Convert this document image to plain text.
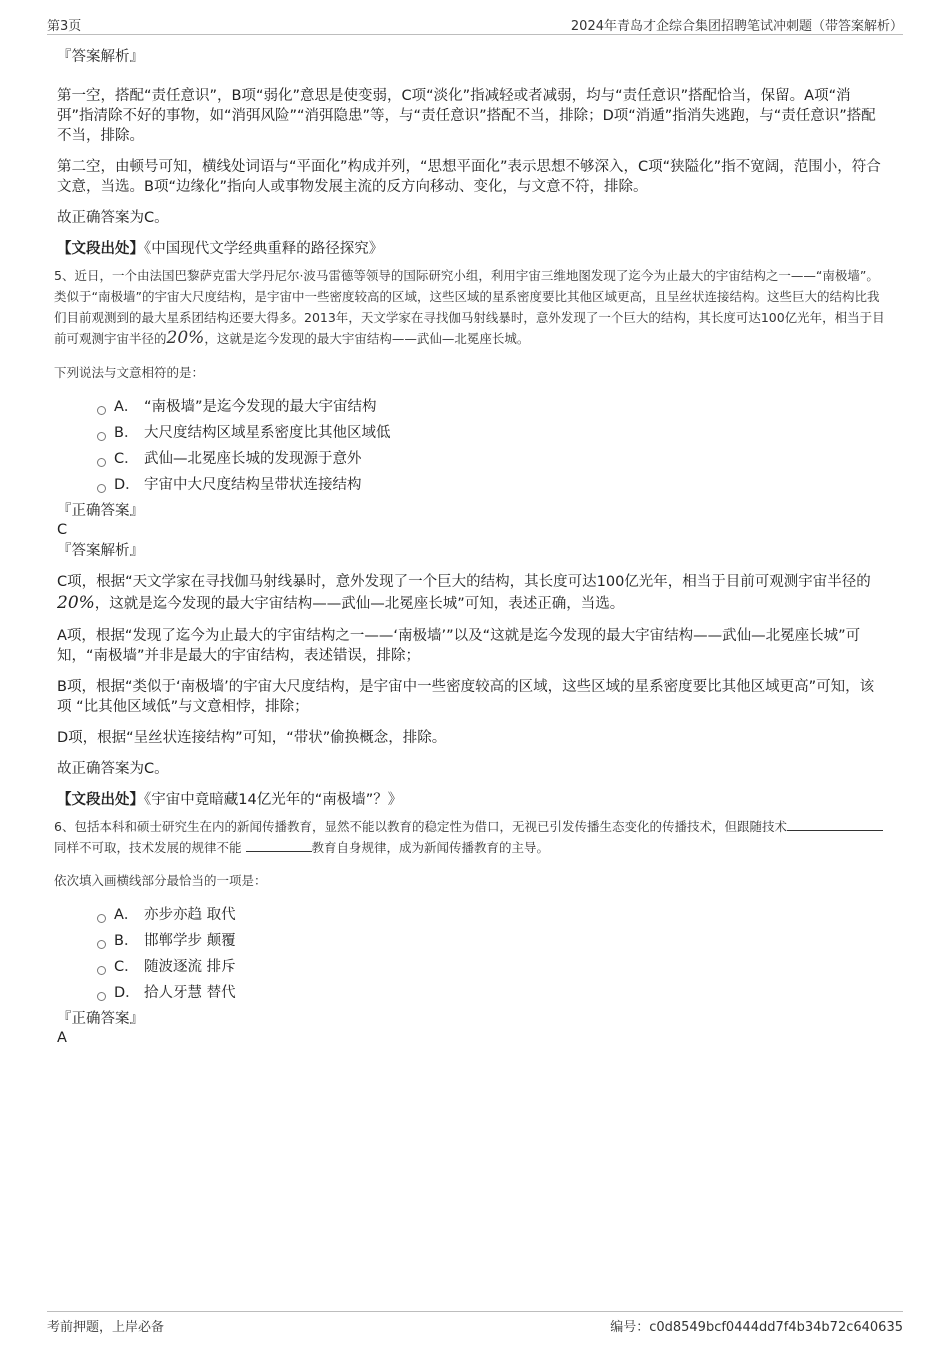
第3页	2024年青岛才企综合集团招聘笔试冲刺题（带答案解析）
『答案解析』

第一空，搭配“责任意识”，B项“弱化”意思是使变弱，C项“淡化”指减轻或者减弱，均与“责任意识”搭配恰当，保留。A项“消弭”指清除不好的事物，如“消弭风险”“消弭隐患”等，与“责任意识”搭配不当，排除；D项“消遁”指消失逃跑，与“责任意识”搭配不当，排除。

第二空，由顿号可知，横线处词语与“平面化”构成并列，“思想平面化”表示思想不够深入，C项“狭隘化”指不宽阔，范围小，符合文意，当选。B项“边缘化”指向人或事物发展主流的反方向移动、变化，与文意不符，排除。

故正确答案为C。

【文段出处】《中国现代文学经典重释的路径探究》

5、近日，一个由法国巴黎萨克雷大学丹尼尔·波马雷德等领导的国际研究小组，利用宇宙三维地图发现了迄今为止最大的宇宙结构之一——“南极墙”。类似于“南极墙”的宇宙大尺度结构，是宇宙中一些密度较高的区域，这些区域的星系密度要比其他区域更高，且呈丝状连接结构。这些巨大的结构比我们目前观测到的最大星系团结构还要大得多。2013年，天文学家在寻找伽马射线暴时，意外发现了一个巨大的结构，其长度可达100亿光年，相当于目前可观测宇宙半径的20%，这就是迄今发现的最大宇宙结构——武仙—北冕座长城。

下列说法与文意相符的是：

A． “南极墙”是迄今发现的最大宇宙结构
B． 大尺度结构区域星系密度比其他区域低
C． 武仙—北冕座长城的发现源于意外
D． 宇宙中大尺度结构呈带状连接结构
『正确答案』
C
『答案解析』

C项，根据“天文学家在寻找伽马射线暴时，意外发现了一个巨大的结构，其长度可达100亿光年，相当于目前可观测宇宙半径的20%，这就是迄今发现的最大宇宙结构——武仙—北冕座长城”可知，表述正确，当选。

A项，根据“发现了迄今为止最大的宇宙结构之一——‘南极墙’”以及“这就是迄今发现的最大宇宙结构——武仙—北冕座长城”可知，“南极墙”并非是最大的宇宙结构，表述错误，排除；

B项，根据“类似于‘南极墙’的宇宙大尺度结构，是宇宙中一些密度较高的区域，这些区域的星系密度要比其他区域更高”可知，该项 “比其他区域低”与文意相悖，排除；

D项，根据“呈丝状连接结构”可知，“带状”偷换概念，排除。

故正确答案为C。

【文段出处】《宇宙中竟暗藏14亿光年的“南极墙”？》

6、包括本科和硕士研究生在内的新闻传播教育，显然不能以教育的稳定性为借口，无视已引发传播生态变化的传播技术，但跟随技术同样不可取，技术发展的规律不能	教育自身规律，成为新闻传播教育的主导。

依次填入画横线部分最恰当的一项是：

A． 亦步亦趋 取代
B． 邯郸学步 颠覆
C． 随波逐流 排斥
D． 拾人牙慧 替代
『正确答案』
A
考前押题，上岸必备	编号：c0d8549bcf0444dd7f4b34b72c640635
